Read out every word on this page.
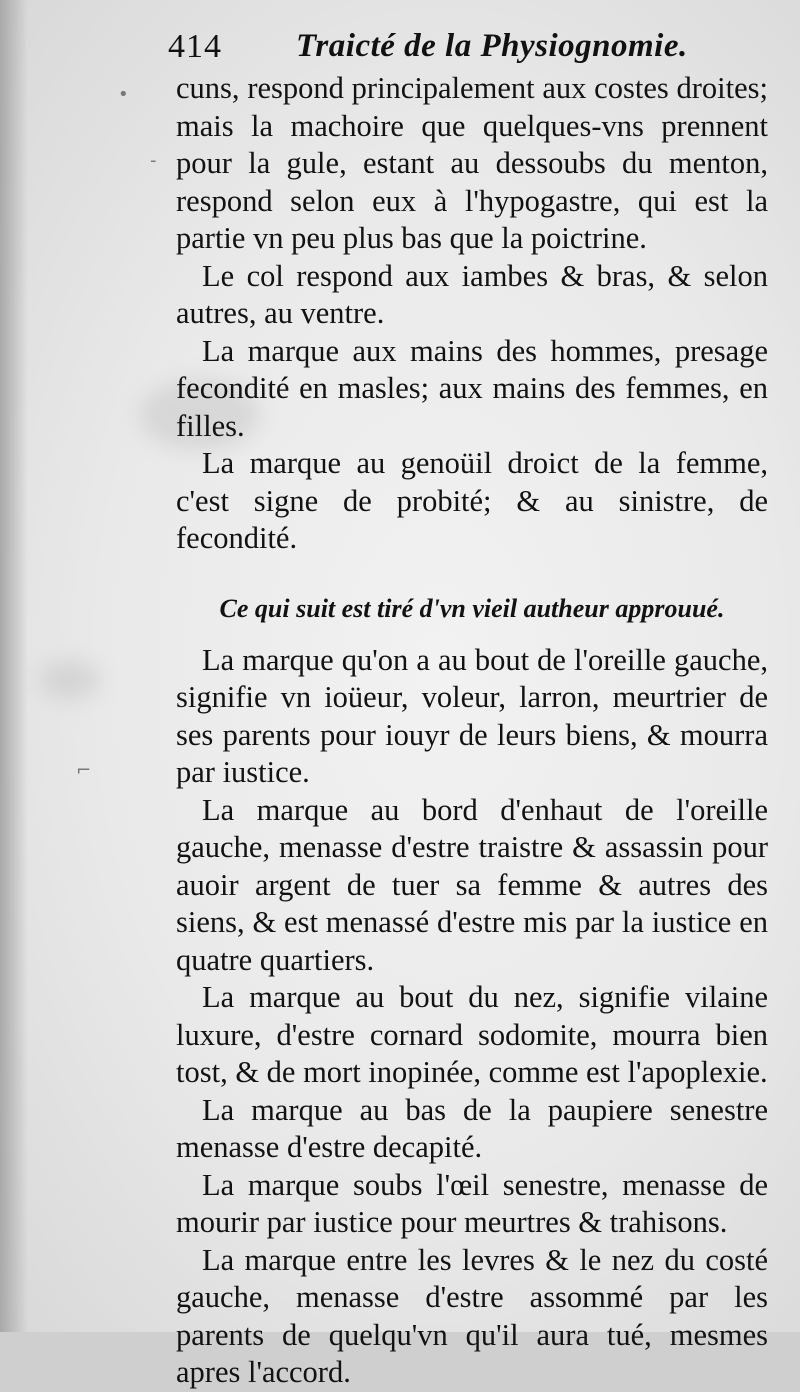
•
-
⌐
414 Traicté de la Physiognomie.

cuns, respond principalement aux costes droites; mais la machoire que quelques-vns prennent pour la gule, estant au dessoubs du menton, respond selon eux à l'hypogastre, qui est la partie vn peu plus bas que la poictrine.

Le col respond aux iambes & bras, & selon autres, au ventre.

La marque aux mains des hommes, presage fecondité en masles; aux mains des femmes, en filles.

La marque au genoüil droict de la femme, c'est signe de probité; & au sinistre, de fecondité.

Ce qui suit est tiré d'vn vieil autheur approuué.

La marque qu'on a au bout de l'oreille gauche, signifie vn ioüeur, voleur, larron, meurtrier de ses parents pour iouyr de leurs biens, & mourra par iustice.

La marque au bord d'enhaut de l'oreille gauche, menasse d'estre traistre & assassin pour auoir argent de tuer sa femme & autres des siens, & est menassé d'estre mis par la iustice en quatre quartiers.

La marque au bout du nez, signifie vilaine luxure, d'estre cornard sodomite, mourra bien tost, & de mort inopinée, comme est l'apoplexie.

La marque au bas de la paupiere senestre menasse d'estre decapité.

La marque soubs l'œil senestre, menasse de mourir par iustice pour meurtres & trahisons.

La marque entre les levres & le nez du costé gauche, menasse d'estre assommé par les parents de quelqu'vn qu'il aura tué, mesmes apres l'accord.
